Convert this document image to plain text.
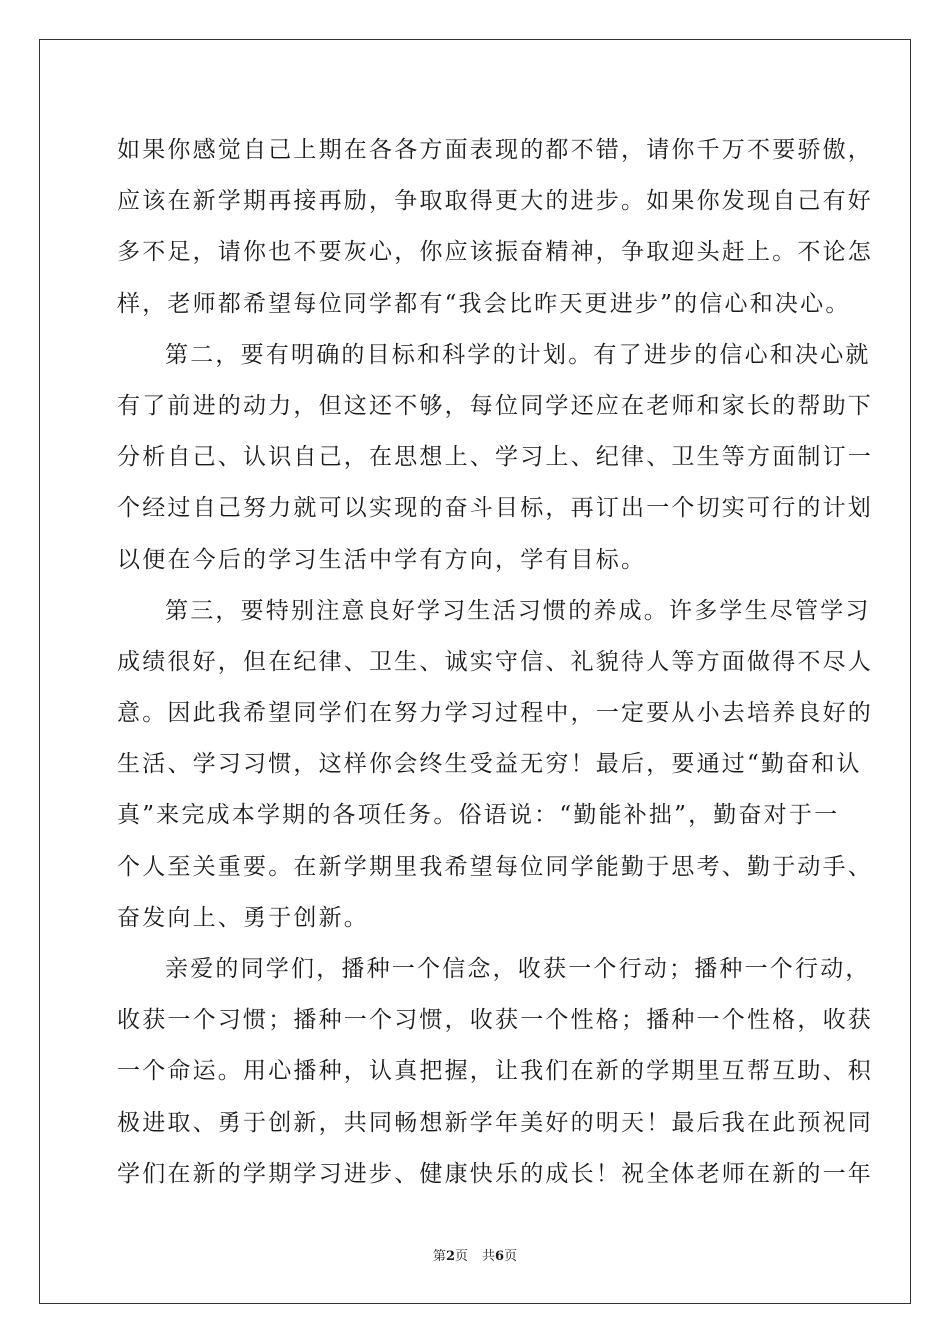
如果你感觉自己上期在各各方面表现的都不错，请你千万不要骄傲，
应该在新学期再接再励，争取取得更大的进步。如果你发现自己有好
多不足，请你也不要灰心，你应该振奋精神，争取迎头赶上。不论怎
样，老师都希望每位同学都有“我会比昨天更进步”的信心和决心。
第二，要有明确的目标和科学的计划。有了进步的信心和决心就
有了前进的动力，但这还不够，每位同学还应在老师和家长的帮助下
分析自己、认识自己，在思想上、学习上、纪律、卫生等方面制订一
个经过自己努力就可以实现的奋斗目标，再订出一个切实可行的计划
以便在今后的学习生活中学有方向，学有目标。
第三，要特别注意良好学习生活习惯的养成。许多学生尽管学习
成绩很好，但在纪律、卫生、诚实守信、礼貌待人等方面做得不尽人
意。因此我希望同学们在努力学习过程中，一定要从小去培养良好的
生活、学习习惯，这样你会终生受益无穷！最后，要通过“勤奋和认
真”来完成本学期的各项任务。俗语说：“勤能补拙”，勤奋对于一
个人至关重要。在新学期里我希望每位同学能勤于思考、勤于动手、
奋发向上、勇于创新。
亲爱的同学们，播种一个信念，收获一个行动；播种一个行动，
收获一个习惯；播种一个习惯，收获一个性格；播种一个性格，收获
一个命运。用心播种，认真把握，让我们在新的学期里互帮互助、积
极进取、勇于创新，共同畅想新学年美好的明天！最后我在此预祝同
学们在新的学期学习进步、健康快乐的成长！祝全体老师在新的一年
第2页 共6页
